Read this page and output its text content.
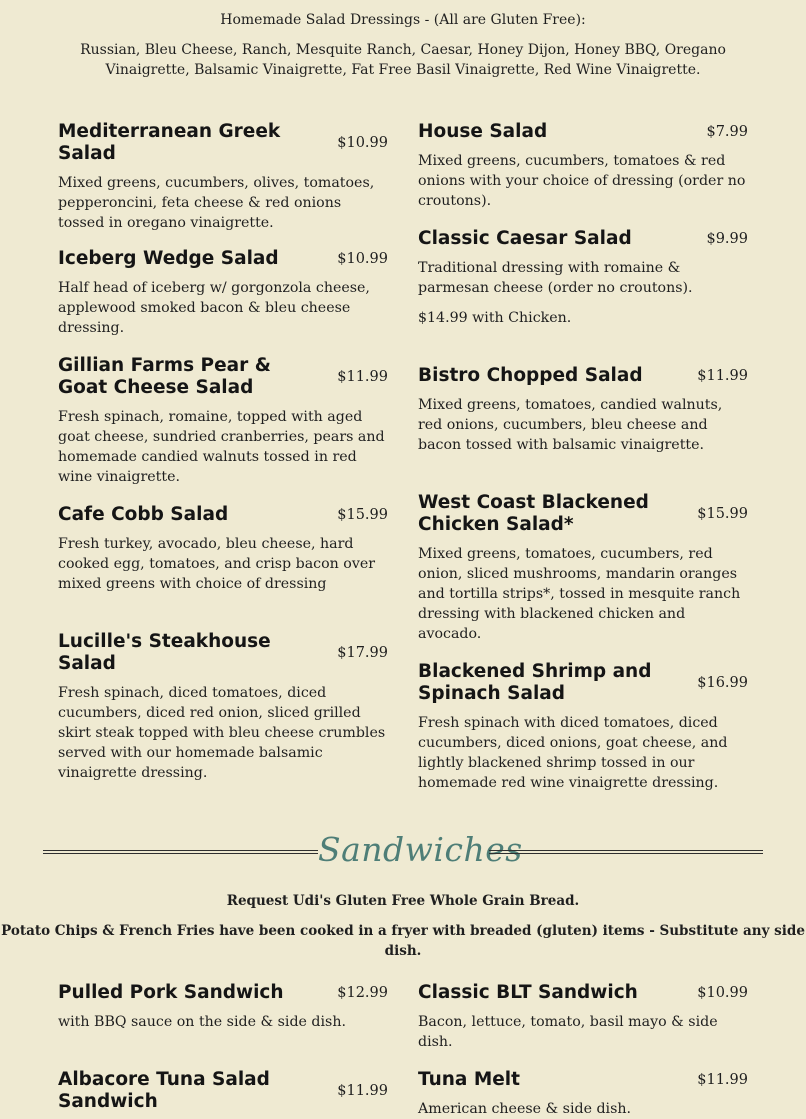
Homemade Salad Dressings - (All are Gluten Free):
Russian, Bleu Cheese, Ranch, Mesquite Ranch, Caesar, Honey Dijon, Honey BBQ, Oregano Vinaigrette, Balsamic Vinaigrette, Fat Free Basil Vinaigrette, Red Wine Vinaigrette.
Mediterranean Greek Salad	$10.99
Mixed greens, cucumbers, olives, tomatoes, pepperoncini, feta cheese & red onions tossed in oregano vinaigrette.
Iceberg Wedge Salad	$10.99
Half head of iceberg w/ gorgonzola cheese, applewood smoked bacon & bleu cheese dressing.
Gillian Farms Pear & Goat Cheese Salad	$11.99
Fresh spinach, romaine, topped with aged goat cheese, sundried cranberries, pears and homemade candied walnuts tossed in red wine vinaigrette.
Cafe Cobb Salad	$15.99
Fresh turkey, avocado, bleu cheese, hard cooked egg, tomatoes, and crisp bacon over mixed greens with choice of dressing
Lucille's Steakhouse Salad	$17.99
Fresh spinach, diced tomatoes, diced cucumbers, diced red onion, sliced grilled skirt steak topped with bleu cheese crumbles served with our homemade balsamic vinaigrette dressing.
House Salad	$7.99
Mixed greens, cucumbers, tomatoes & red onions with your choice of dressing (order no croutons).
Classic Caesar Salad	$9.99
Traditional dressing with romaine & parmesan cheese (order no croutons).
$14.99 with Chicken.
Bistro Chopped Salad	$11.99
Mixed greens, tomatoes, candied walnuts, red onions, cucumbers, bleu cheese and bacon tossed with balsamic vinaigrette.
West Coast Blackened Chicken Salad*	$15.99
Mixed greens, tomatoes, cucumbers, red onion, sliced mushrooms, mandarin oranges and tortilla strips*, tossed in mesquite ranch dressing with blackened chicken and avocado.
Blackened Shrimp and Spinach Salad	$16.99
Fresh spinach with diced tomatoes, diced cucumbers, diced onions, goat cheese, and lightly blackened shrimp tossed in our homemade red wine vinaigrette dressing.
Sandwiches
Request Udi's Gluten Free Whole Grain Bread.
Potato Chips & French Fries have been cooked in a fryer with breaded (gluten) items - Substitute any side dish.
Pulled Pork Sandwich	$12.99
with BBQ sauce on the side & side dish.
Albacore Tuna Salad Sandwich	$11.99
Classic BLT Sandwich	$10.99
Bacon, lettuce, tomato, basil mayo & side dish.
Tuna Melt	$11.99
American cheese & side dish.
